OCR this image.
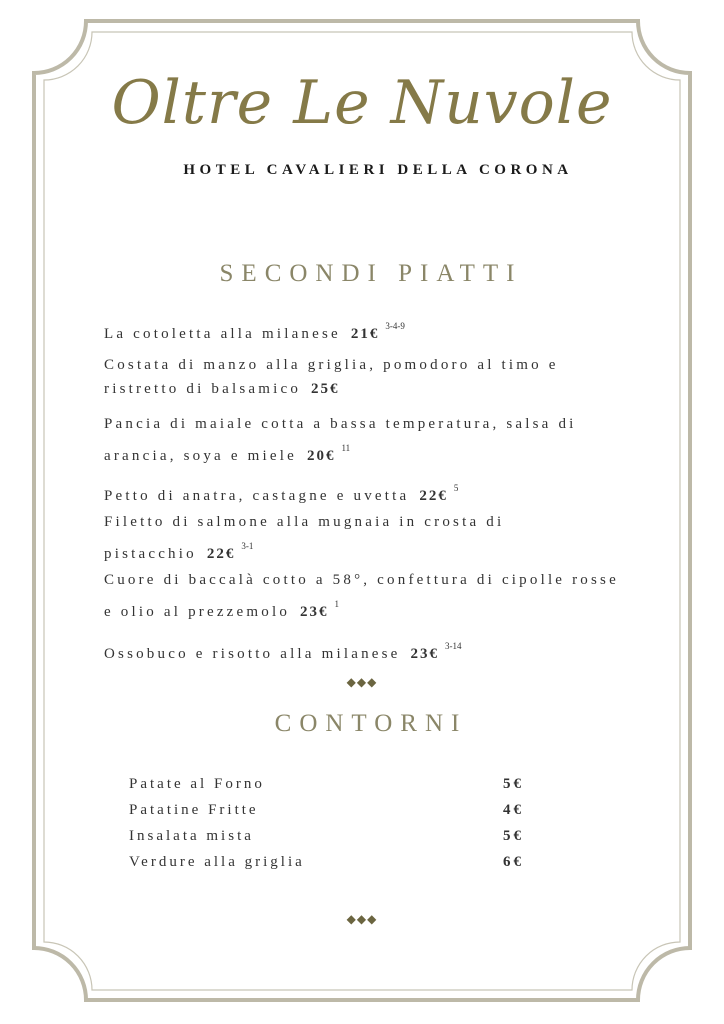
Oltre Le Nuvole
HOTEL CAVALIERI DELLA CORONA
SECONDI PIATTI
La cotoletta alla milanese 21€ $^{3-4-9}$
Costata di manzo alla griglia, pomodoro al timo e ristretto di balsamico 25€
Pancia di maiale cotta a bassa temperatura, salsa di arancia, soya e miele 20€ $^{11}$
Petto di anatra, castagne e uvetta 22€ $^5$
Filetto di salmone alla mugnaia in crosta di pistacchio 22€ $^{3-1}$
Cuore di baccalà cotto a 58°, confettura di cipolle rosse e olio al prezzemolo 23€ $^1$
Ossobuco e risotto alla milanese 23€ $^{3-14}$
◆◆◆
CONTORNI
Patate al Forno	5€
Patatine Fritte	4€
Insalata mista	5€
Verdure alla griglia	6€
◆◆◆
